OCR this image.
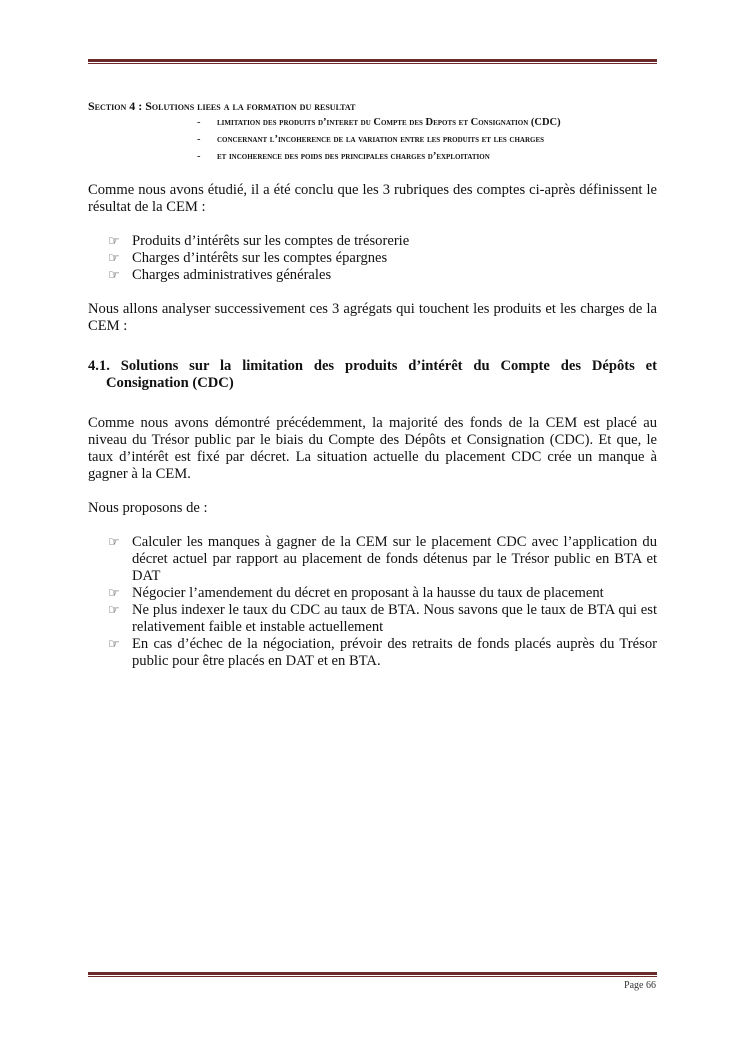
Section 4 : Solutions liees a la formation du resultat
- limitation des produits d’interet du Compte des Depots et Consignation (CDC)
- concernant l’incoherence de la variation entre les produits et les charges
- et incoherence des poids des principales charges d’exploitation

Comme nous avons étudié, il a été conclu que les 3 rubriques des comptes ci-après définissent le résultat de la CEM :

☞ Produits d’intérêts sur les comptes de trésorerie
☞ Charges d’intérêts sur les comptes épargnes
☞ Charges administratives générales

Nous allons analyser successivement ces 3 agrégats qui touchent les produits et les charges de la CEM :

4.1. Solutions sur la limitation des produits d’intérêt du Compte des Dépôts et Consignation (CDC)

Comme nous avons démontré précédemment, la majorité des fonds de la CEM est placé au niveau du Trésor public par le biais du Compte des Dépôts et Consignation (CDC). Et que, le taux d’intérêt est fixé par décret. La situation actuelle du placement CDC crée un manque à gagner à la CEM.

Nous proposons de :

☞ Calculer les manques à gagner de la CEM sur le placement CDC avec l’application du décret actuel par rapport au placement de fonds détenus par le Trésor public en BTA et DAT
☞ Négocier l’amendement du décret en proposant à la hausse du taux de placement
☞ Ne plus indexer le taux du CDC au taux de BTA. Nous savons que le taux de BTA qui est relativement faible et instable actuellement
☞ En cas d’échec de la négociation, prévoir des retraits de fonds placés auprès du Trésor public pour être placés en DAT et en BTA.
Page 66
